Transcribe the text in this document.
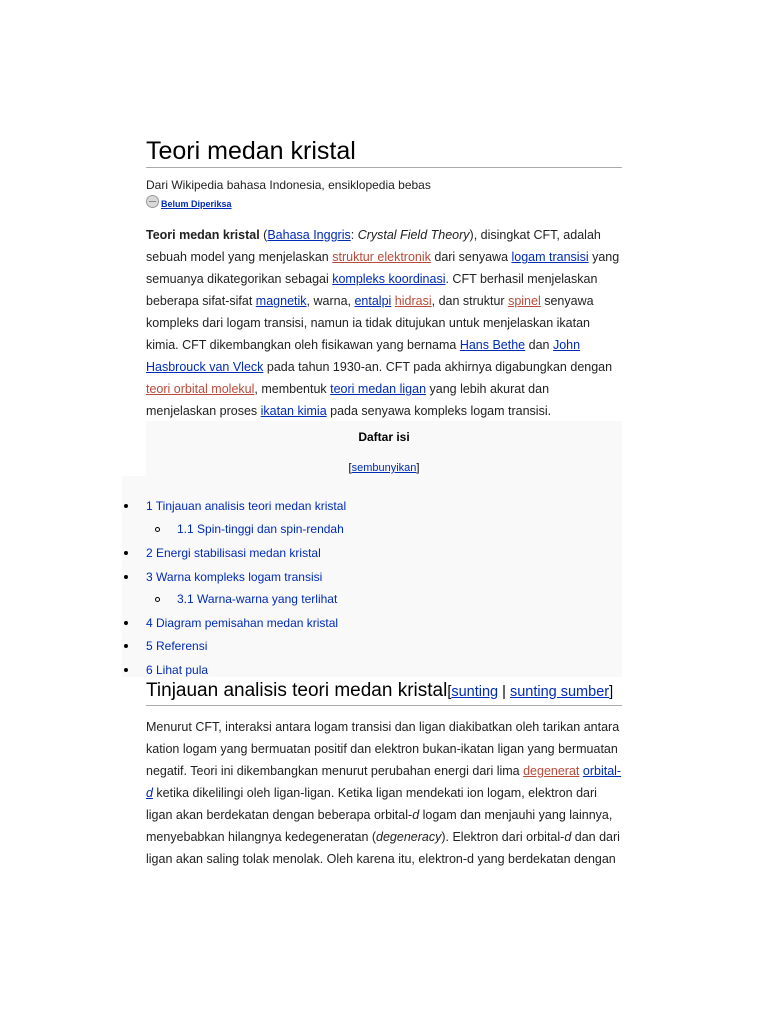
Teori medan kristal
Dari Wikipedia bahasa Indonesia, ensiklopedia bebas
Belum Diperiksa

Teori medan kristal (Bahasa Inggris: Crystal Field Theory), disingkat CFT, adalah sebuah model yang menjelaskan struktur elektronik dari senyawa logam transisi yang semuanya dikategorikan sebagai kompleks koordinasi. CFT berhasil menjelaskan beberapa sifat-sifat magnetik, warna, entalpi hidrasi, dan struktur spinel senyawa kompleks dari logam transisi, namun ia tidak ditujukan untuk menjelaskan ikatan kimia. CFT dikembangkan oleh fisikawan yang bernama Hans Bethe dan John Hasbrouck van Vleck pada tahun 1930-an. CFT pada akhirnya digabungkan dengan teori orbital molekul, membentuk teori medan ligan yang lebih akurat dan menjelaskan proses ikatan kimia pada senyawa kompleks logam transisi.

Daftar isi
[sembunyikan]
1 Tinjauan analisis teori medan kristal
1.1 Spin-tinggi dan spin-rendah
2 Energi stabilisasi medan kristal
3 Warna kompleks logam transisi
3.1 Warna-warna yang terlihat
4 Diagram pemisahan medan kristal
5 Referensi
6 Lihat pula
Tinjauan analisis teori medan kristal[sunting | sunting sumber]

Menurut CFT, interaksi antara logam transisi dan ligan diakibatkan oleh tarikan antara kation logam yang bermuatan positif dan elektron bukan-ikatan ligan yang bermuatan negatif. Teori ini dikembangkan menurut perubahan energi dari lima degenerat orbital-d ketika dikelilingi oleh ligan-ligan. Ketika ligan mendekati ion logam, elektron dari ligan akan berdekatan dengan beberapa orbital-d logam dan menjauhi yang lainnya, menyebabkan hilangnya kedegeneratan (degeneracy). Elektron dari orbital-d dan dari ligan akan saling tolak menolak. Oleh karena itu, elektron-d yang berdekatan dengan
